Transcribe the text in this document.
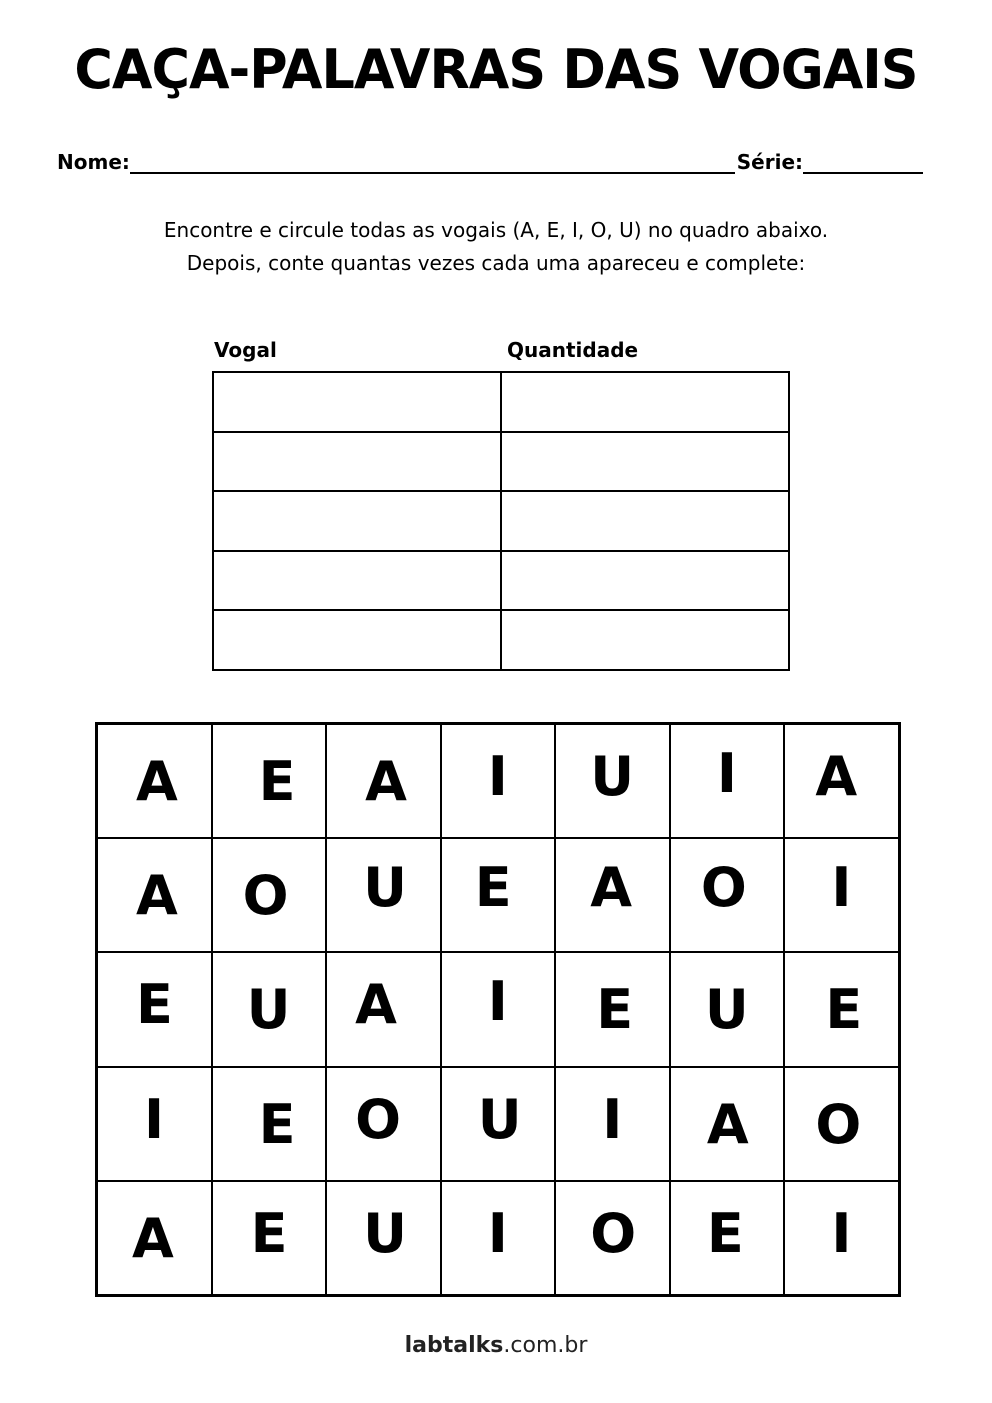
CAÇA-PALAVRAS DAS VOGAIS
Nome:	Série:
Encontre e circule todas as vogais (A, E, I, O, U) no quadro abaixo.
Depois, conte quantas vezes cada uma apareceu e complete:
Vogal	Quantidade

A E A I U I A
A O U E A O I
E U A I E U E
I E O U I A O
A E U I O E I
labtalks.com.br
